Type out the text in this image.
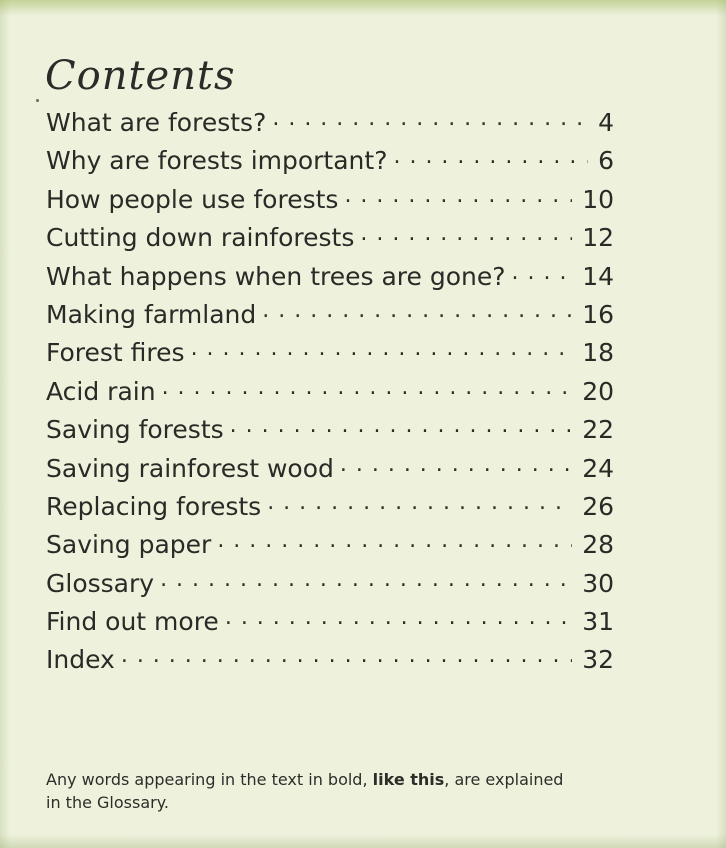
Contents
What are forests? . . .	4
Why are forests important? . . .	6
How people use forests . . .	10
Cutting down rainforests . . .	12
What happens when trees are gone? . . .	14
Making farmland . . .	16
Forest fires . . .	18
Acid rain . . .	20
Saving forests . . .	22
Saving rainforest wood . . .	24
Replacing forests . . .	26
Saving paper . . .	28
Glossary . . .	30
Find out more . . .	31
Index . . .	32

Any words appearing in the text in bold, like this, are explained in the Glossary.
